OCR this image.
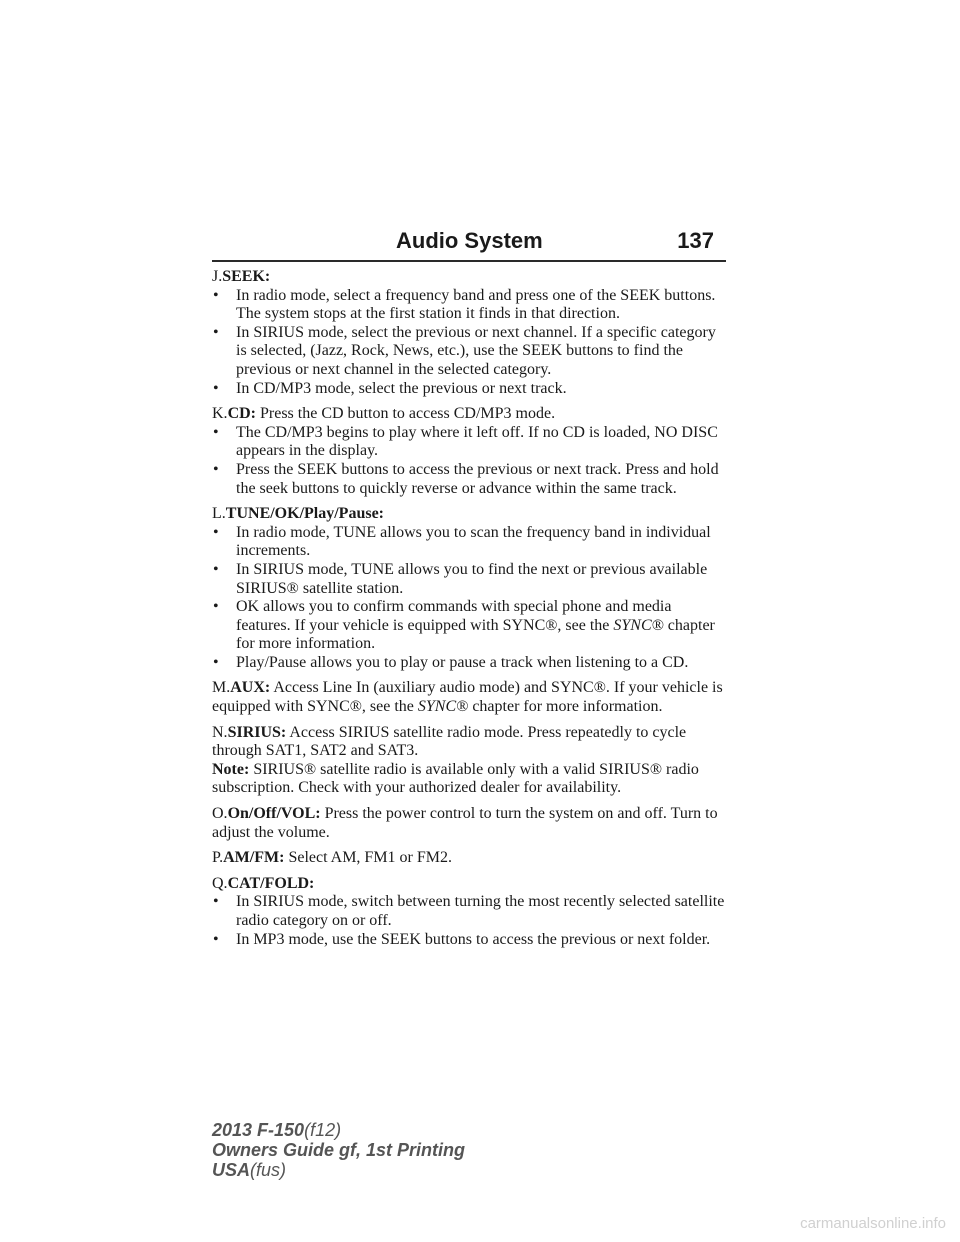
Audio System	137

J.SEEK:

• In radio mode, select a frequency band and press one of the SEEK buttons. The system stops at the first station it finds in that direction.

• In SIRIUS mode, select the previous or next channel. If a specific category is selected, (Jazz, Rock, News, etc.), use the SEEK buttons to find the previous or next channel in the selected category.

• In CD/MP3 mode, select the previous or next track.

K.CD: Press the CD button to access CD/MP3 mode.

• The CD/MP3 begins to play where it left off. If no CD is loaded, NO DISC appears in the display.

• Press the SEEK buttons to access the previous or next track. Press and hold the seek buttons to quickly reverse or advance within the same track.

L.TUNE/OK/Play/Pause:

• In radio mode, TUNE allows you to scan the frequency band in individual increments.

• In SIRIUS mode, TUNE allows you to find the next or previous available SIRIUS® satellite station.

• OK allows you to confirm commands with special phone and media features. If your vehicle is equipped with SYNC®, see the SYNC® chapter for more information.

• Play/Pause allows you to play or pause a track when listening to a CD.

M.AUX: Access Line In (auxiliary audio mode) and SYNC®. If your vehicle is equipped with SYNC®, see the SYNC® chapter for more information.

N.SIRIUS: Access SIRIUS satellite radio mode. Press repeatedly to cycle through SAT1, SAT2 and SAT3.

Note: SIRIUS® satellite radio is available only with a valid SIRIUS® radio subscription. Check with your authorized dealer for availability.

O.On/Off/VOL: Press the power control to turn the system on and off. Turn to adjust the volume.

P.AM/FM: Select AM, FM1 or FM2.

Q.CAT/FOLD:

• In SIRIUS mode, switch between turning the most recently selected satellite radio category on or off.

• In MP3 mode, use the SEEK buttons to access the previous or next folder.

2013 F-150(f12)
Owners Guide gf, 1st Printing
USA(fus)
carmanualsonline.info
